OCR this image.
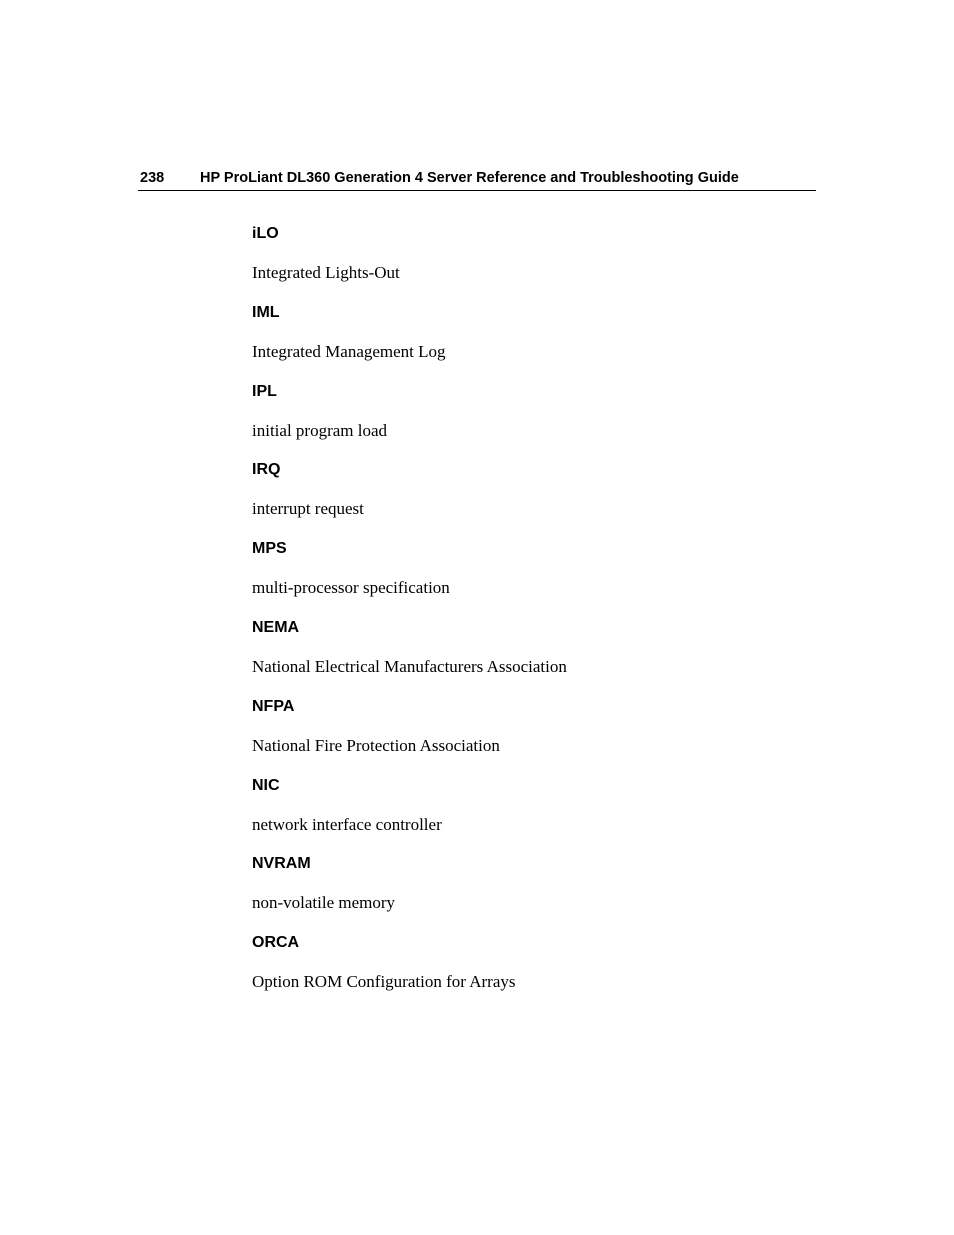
238 HP ProLiant DL360 Generation 4 Server Reference and Troubleshooting Guide
iLO
Integrated Lights-Out
IML
Integrated Management Log
IPL
initial program load
IRQ
interrupt request
MPS
multi-processor specification
NEMA
National Electrical Manufacturers Association
NFPA
National Fire Protection Association
NIC
network interface controller
NVRAM
non-volatile memory
ORCA
Option ROM Configuration for Arrays
